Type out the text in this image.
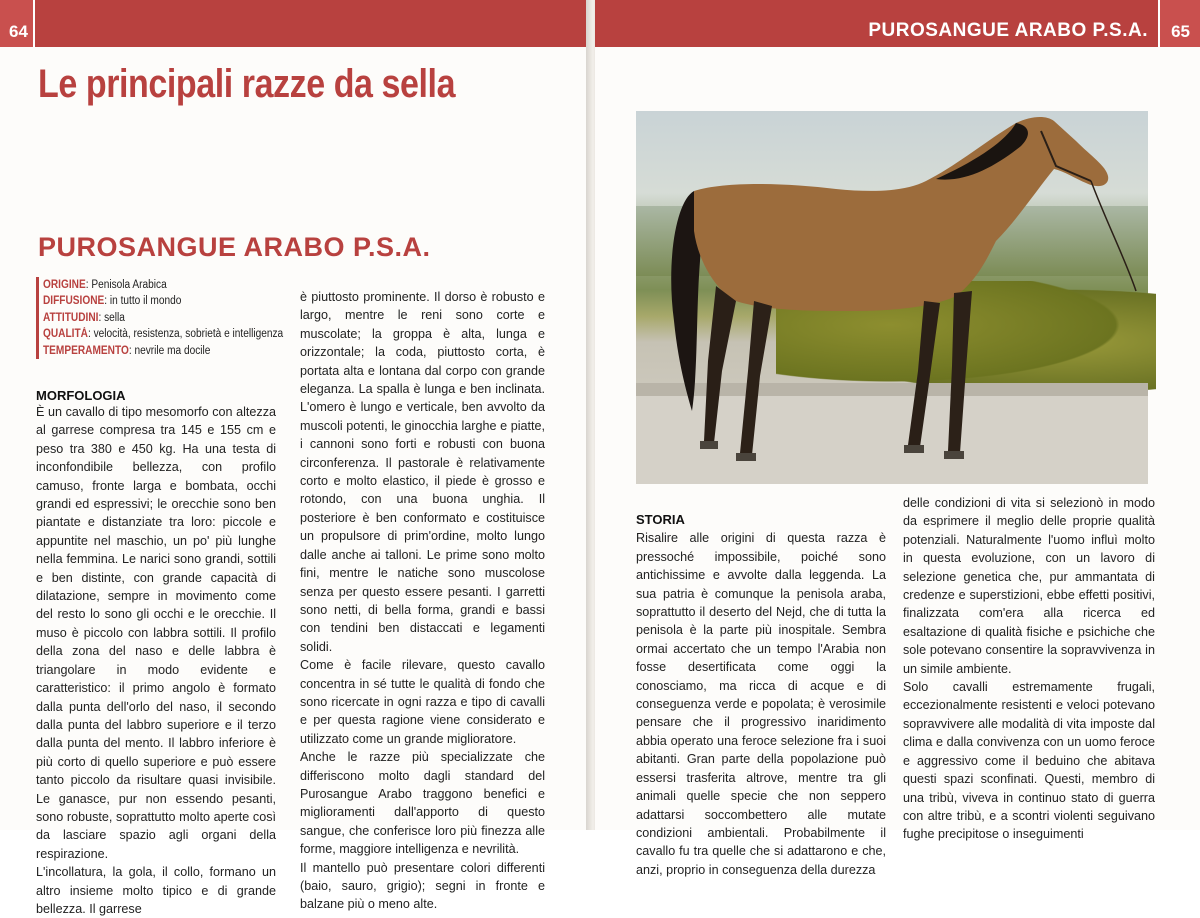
64
Le principali razze da sella
PUROSANGUE ARABO P.S.A.
ORIGINE: Penisola Arabica
DIFFUSIONE: in tutto il mondo
ATTITUDINI: sella
QUALITÀ: velocità, resistenza, sobrietà e intelligenza
TEMPERAMENTO: nevrile ma docile
MORFOLOGIA

È un cavallo di tipo mesomorfo con altezza al garrese compresa tra 145 e 155 cm e peso tra 380 e 450 kg. Ha una testa di inconfondibile bellezza, con profilo camuso, fronte larga e bombata, occhi grandi ed espressivi; le orecchie sono ben piantate e distanziate tra loro: piccole e appuntite nel maschio, un po' più lunghe nella femmina. Le narici sono grandi, sottili e ben distinte, con grande capacità di dilatazione, sempre in movimento come del resto lo sono gli occhi e le orecchie. Il muso è piccolo con labbra sottili. Il profilo della zona del naso e delle labbra è triangolare in modo evidente e caratteristico: il primo angolo è formato dalla punta dell'orlo del naso, il secondo dalla punta del labbro superiore e il terzo dalla punta del mento. Il labbro inferiore è più corto di quello superiore e può essere tanto piccolo da risultare quasi invisibile. Le ganasce, pur non essendo pesanti, sono robuste, soprattutto molto aperte così da lasciare spazio agli organi della respirazione.

L'incollatura, la gola, il collo, formano un altro insieme molto tipico e di grande bellezza. Il garrese

è piuttosto prominente. Il dorso è robusto e largo, mentre le reni sono corte e muscolate; la groppa è alta, lunga e orizzontale; la coda, piuttosto corta, è portata alta e lontana dal corpo con grande eleganza. La spalla è lunga e ben inclinata. L'omero è lungo e verticale, ben avvolto da muscoli potenti, le ginocchia larghe e piatte, i cannoni sono forti e robusti con buona circonferenza. Il pastorale è relativamente corto e molto elastico, il piede è grosso e rotondo, con una buona unghia. Il posteriore è ben conformato e costituisce un propulsore di prim'ordine, molto lungo dalle anche ai talloni. Le prime sono molto fini, mentre le natiche sono muscolose senza per questo essere pesanti. I garretti sono netti, di bella forma, grandi e bassi con tendini ben distaccati e legamenti solidi.

Come è facile rilevare, questo cavallo concentra in sé tutte le qualità di fondo che sono ricercate in ogni razza e tipo di cavalli e per questa ragione viene considerato e utilizzato come un grande miglioratore.

Anche le razze più specializzate che differiscono molto dagli standard del Purosangue Arabo traggono benefici e miglioramenti dall'apporto di questo sangue, che conferisce loro più finezza alle forme, maggiore intelligenza e nevrilità.

Il mantello può presentare colori differenti (baio, sauro, grigio); segni in fronte e balzane più o meno alte.

PUROSANGUE ARABO P.S.A. 65

STORIA

Risalire alle origini di questa razza è pressoché impossibile, poiché sono antichissime e avvolte dalla leggenda. La sua patria è comunque la penisola araba, soprattutto il deserto del Nejd, che di tutta la penisola è la parte più inospitale. Sembra ormai accertato che un tempo l'Arabia non fosse desertificata come oggi la conosciamo, ma ricca di acque e di conseguenza verde e popolata; è verosimile pensare che il progressivo inaridimento abbia operato una feroce selezione fra i suoi abitanti. Gran parte della popolazione può essersi trasferita altrove, mentre tra gli animali quelle specie che non seppero adattarsi soccombettero alle mutate condizioni ambientali. Probabilmente il cavallo fu tra quelle che si adattarono e che, anzi, proprio in conseguenza della durezza

delle condizioni di vita si selezionò in modo da esprimere il meglio delle proprie qualità potenziali. Naturalmente l'uomo influì molto in questa evoluzione, con un lavoro di selezione genetica che, pur ammantata di credenze e superstizioni, ebbe effetti positivi, finalizzata com'era alla ricerca ed esaltazione di qualità fisiche e psichiche che sole potevano consentire la sopravvivenza in un simile ambiente.

Solo cavalli estremamente frugali, eccezionalmente resistenti e veloci potevano sopravvivere alle modalità di vita imposte dal clima e dalla convivenza con un uomo feroce e aggressivo come il beduino che abitava questi spazi sconfinati. Questi, membro di una tribù, viveva in continuo stato di guerra con altre tribù, e a scontri violenti seguivano fughe precipitose o inseguimenti
